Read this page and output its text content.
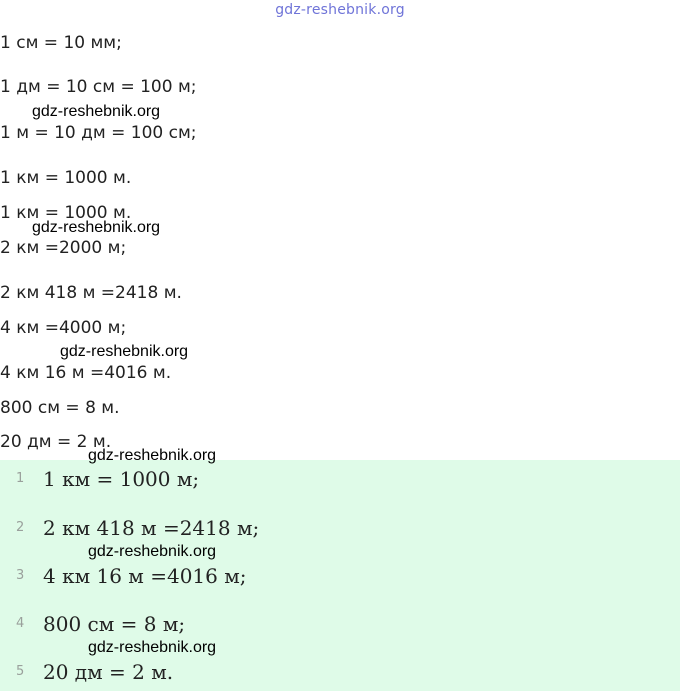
gdz-reshebnik.org
1 см = 10 мм;
1 дм = 10 см = 100 м;
1 м = 10 дм = 100 см;
1 км = 1000 м.
1 км = 1000 м.
2 км =2000 м;
2 км 418 м =2418 м.
4 км =4000 м;
4 км 16 м =4016 м.
800 см = 8 м.
20 дм = 2 м.
1 1 км = 1000 м;
2 2 км 418 м =2418 м;
3 4 км 16 м =4016 м;
4 800 см = 8 м;
5 20 дм = 2 м.
gdz-reshebnik.org
gdz-reshebnik.org
gdz-reshebnik.org
gdz-reshebnik.org
gdz-reshebnik.org
gdz-reshebnik.org
